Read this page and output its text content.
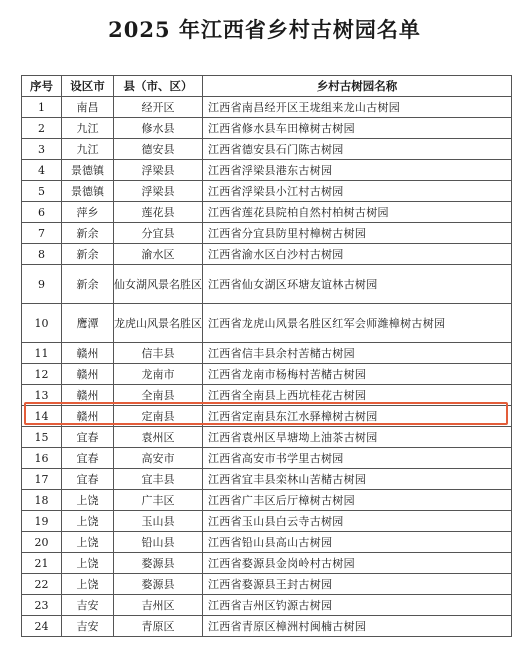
2025 年江西省乡村古树园名单
序号	设区市	县（市、区）	乡村古树园名称
1	南昌	经开区	江西省南昌经开区王垅组来龙山古树园
2	九江	修水县	江西省修水县车田樟树古树园
3	九江	德安县	江西省德安县石门陈古树园
4	景德镇	浮梁县	江西省浮梁县港东古树园
5	景德镇	浮梁县	江西省浮梁县小江村古树园
6	萍乡	莲花县	江西省莲花县院柏自然村柏树古树园
7	新余	分宜县	江西省分宜县防里村樟树古树园
8	新余	渝水区	江西省渝水区白沙村古树园
9	新余	仙女湖风景名胜区	江西省仙女湖区环塘友谊林古树园
10	鹰潭	龙虎山风景名胜区	江西省龙虎山风景名胜区红军会师潍樟树古树园
11	赣州	信丰县	江西省信丰县余村苦槠古树园
12	赣州	龙南市	江西省龙南市杨梅村苦槠古树园
13	赣州	全南县	江西省全南县上西坑桂花古树园
14	赣州	定南县	江西省定南县东江水驿樟树古树园
15	宜春	袁州区	江西省袁州区旱塘坳上油茶古树园
16	宜春	高安市	江西省高安市书学里古树园
17	宜春	宜丰县	江西省宜丰县栾林山苦槠古树园
18	上饶	广丰区	江西省广丰区后厅樟树古树园
19	上饶	玉山县	江西省玉山县白云寺古树园
20	上饶	铅山县	江西省铅山县高山古树园
21	上饶	婺源县	江西省婺源县金岗岭村古树园
22	上饶	婺源县	江西省婺源县王封古树园
23	吉安	吉州区	江西省吉州区钓源古树园
24	吉安	青原区	江西省青原区樟洲村闽楠古树园
